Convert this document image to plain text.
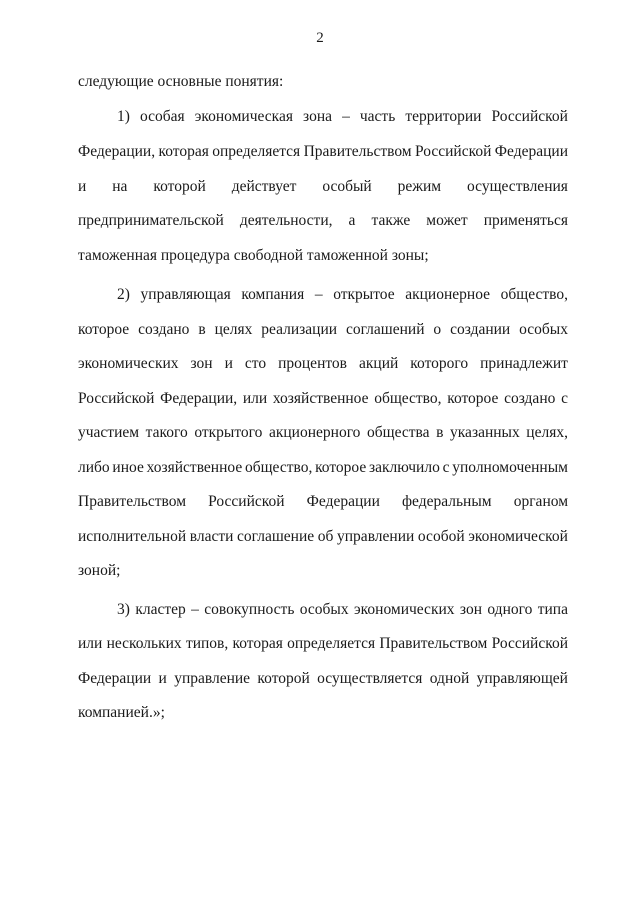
2
следующие основные понятия:
1) особая экономическая зона – часть территории Российской
Федерации, которая определяется Правительством Российской Федерации
и на которой действует особый режим осуществления
предпринимательской деятельности, а также может применяться
таможенная процедура свободной таможенной зоны;
2) управляющая компания – открытое акционерное общество,
которое создано в целях реализации соглашений о создании особых
экономических зон и сто процентов акций которого принадлежит
Российской Федерации, или хозяйственное общество, которое создано с
участием такого открытого акционерного общества в указанных целях,
либо иное хозяйственное общество, которое заключило с уполномоченным
Правительством Российской Федерации федеральным органом
исполнительной власти соглашение об управлении особой экономической
зоной;
3) кластер – совокупность особых экономических зон одного типа
или нескольких типов, которая определяется Правительством Российской
Федерации и управление которой осуществляется одной управляющей
компанией.»;
